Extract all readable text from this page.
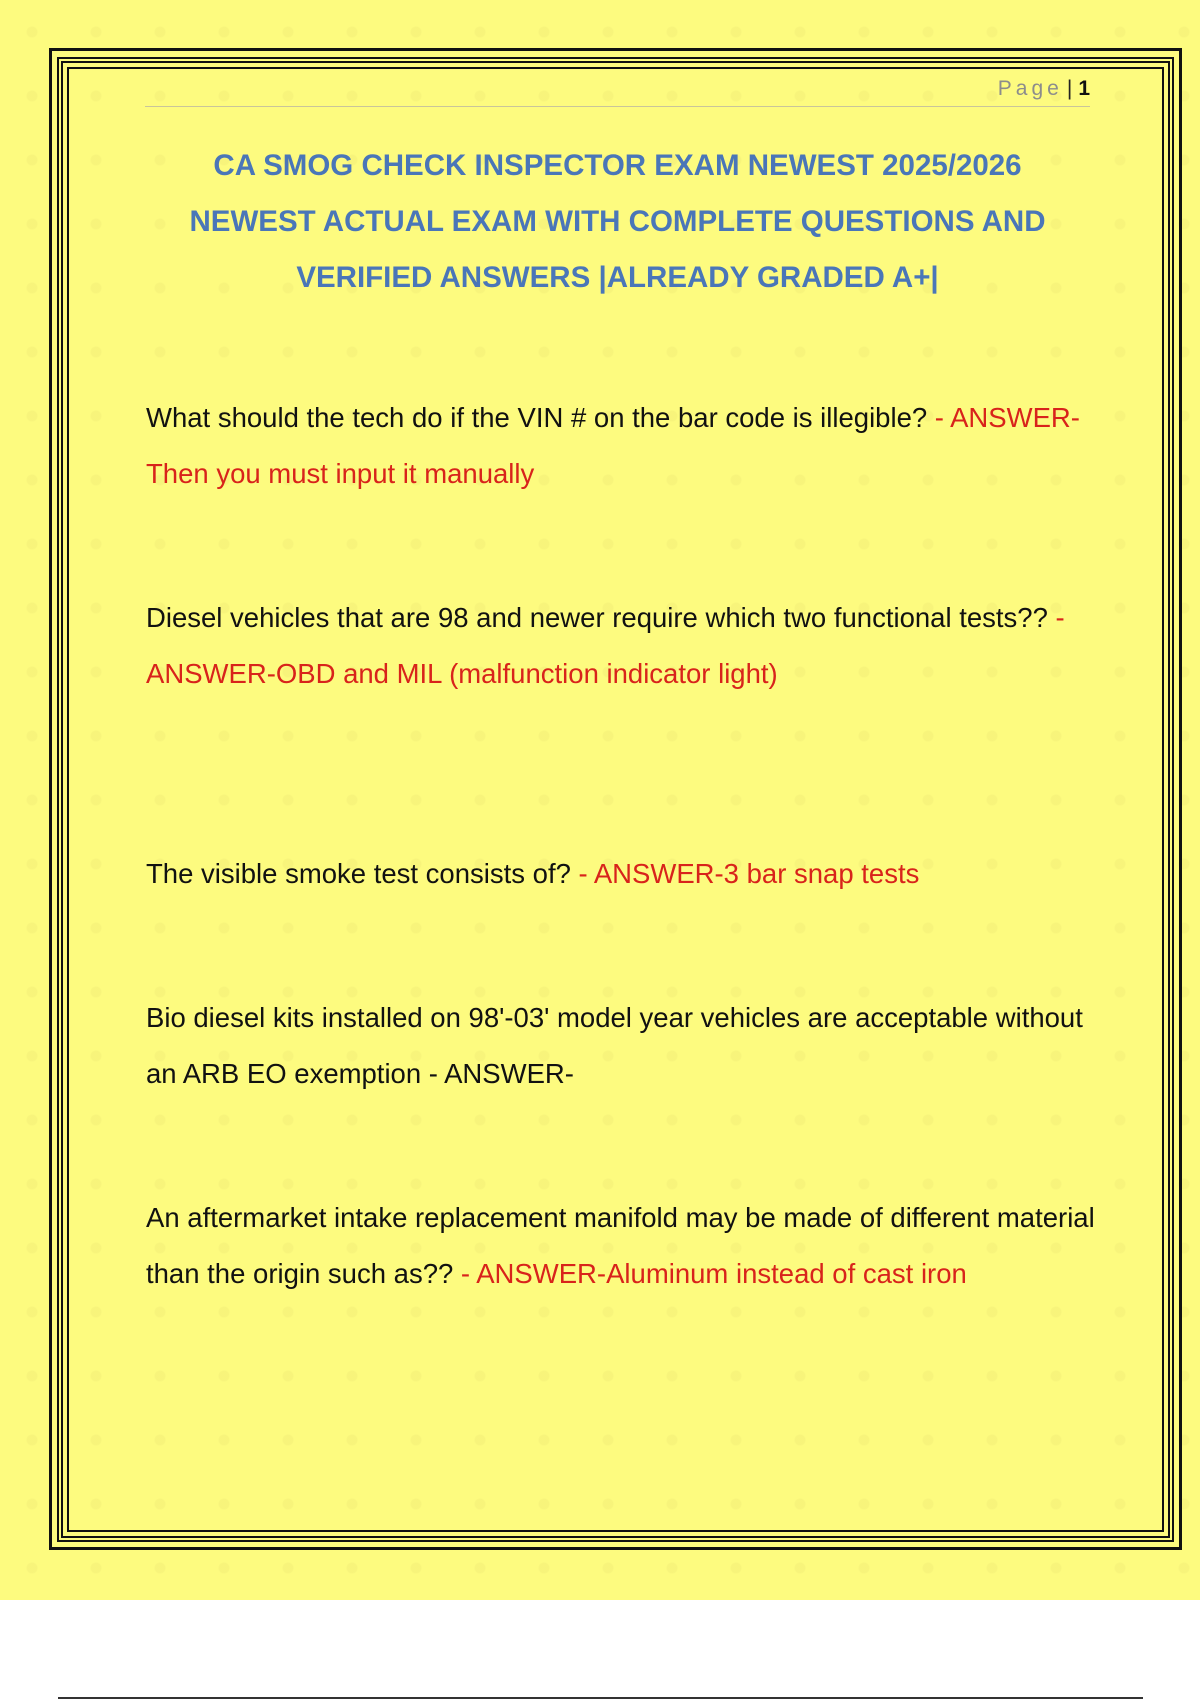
Page | 1
CA SMOG CHECK INSPECTOR EXAM NEWEST 2025/2026
NEWEST ACTUAL EXAM WITH COMPLETE QUESTIONS AND
VERIFIED ANSWERS |ALREADY GRADED A+|
What should the tech do if the VIN # on the bar code is illegible? - ANSWER-Then you must input it manually
Diesel vehicles that are 98 and newer require which two functional tests?? - ANSWER-OBD and MIL (malfunction indicator light)
The visible smoke test consists of? - ANSWER-3 bar snap tests
Bio diesel kits installed on 98'-03' model year vehicles are acceptable without an ARB EO exemption - ANSWER-
An aftermarket intake replacement manifold may be made of different material than the origin such as?? - ANSWER-Aluminum instead of cast iron
